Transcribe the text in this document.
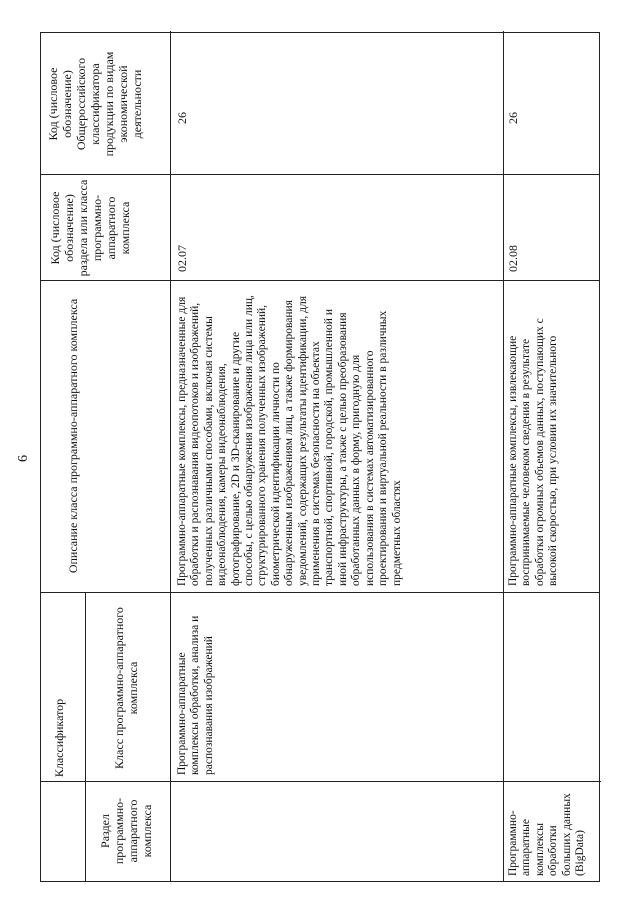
6
Классификатор
Раздел программно-аппаратного комплекса
Класс программно-аппаратного комплекса
Описание класса программно-аппаратного комплекса
Код (числовое обозначение) раздела или класса программно-аппаратного комплекса
Код (числовое обозначение) Общероссийского классификатора продукции по видам экономической деятельности
Программно-аппаратные комплексы обработки, анализа и распознавания изображений
Программно-аппаратные комплексы, предназначенные для обработки и распознавания видеопотоков и изображений, полученных различными способами, включая системы видеонаблюдения, камеры видеонаблюдения, фотографирование, 2D и 3D-сканирование и другие способы, с целью обнаружения изображения лица или лиц, структурированного хранения полученных изображений, биометрической идентификации личности по обнаруженным изображениям лиц, а также формирования уведомлений, содержащих результаты идентификации, для применения в системах безопасности на объектах транспортной, спортивной, городской, промышленной и иной инфраструктуры, а также с целью преобразования обработанных данных в форму, пригодную для использования в системах автоматизированного проектирования и виртуальной реальности в различных предметных областях
02.07
26
Программно-аппаратные комплексы обработки больших данных (BigData)
Программно-аппаратные комплексы, извлекающие воспринимаемые человеком сведения в результате обработки огромных объемов данных, поступающих с высокой скоростью, при условии их значительного
02.08
26
